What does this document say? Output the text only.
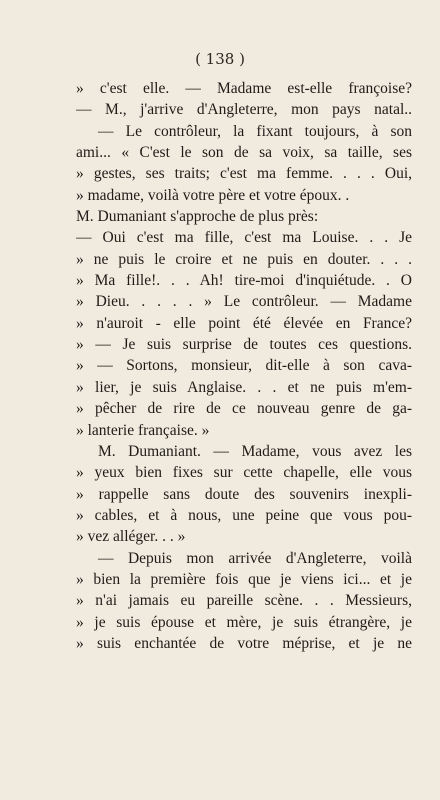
( 138 )
» c'est elle. — Madame est-elle françoise?
— M., j'arrive d'Angleterre, mon pays natal..
— Le contrôleur, la fixant toujours, à son
ami... « C'est le son de sa voix, sa taille, ses
» gestes, ses traits; c'est ma femme. . . . Oui,
» madame, voilà votre père et votre époux. .
M. Dumaniant s'approche de plus près:
— Oui c'est ma fille, c'est ma Louise. . . Je
» ne puis le croire et ne puis en douter. . . .
» Ma fille!. . . Ah! tire-moi d'inquiétude. . O
» Dieu. . . . . » Le contrôleur. — Madame
» n'auroit - elle point été élevée en France?
» — Je suis surprise de toutes ces questions.
» — Sortons, monsieur, dit-elle à son cava-
» lier, je suis Anglaise. . . et ne puis m'em-
» pêcher de rire de ce nouveau genre de ga-
» lanterie française. »
M. Dumaniant. — Madame, vous avez les
» yeux bien fixes sur cette chapelle, elle vous
» rappelle sans doute des souvenirs inexpli-
» cables, et à nous, une peine que vous pou-
» vez alléger. . . »
— Depuis mon arrivée d'Angleterre, voilà
» bien la première fois que je viens ici... et je
» n'ai jamais eu pareille scène. . . Messieurs,
» je suis épouse et mère, je suis étrangère, je
» suis enchantée de votre méprise, et je ne
